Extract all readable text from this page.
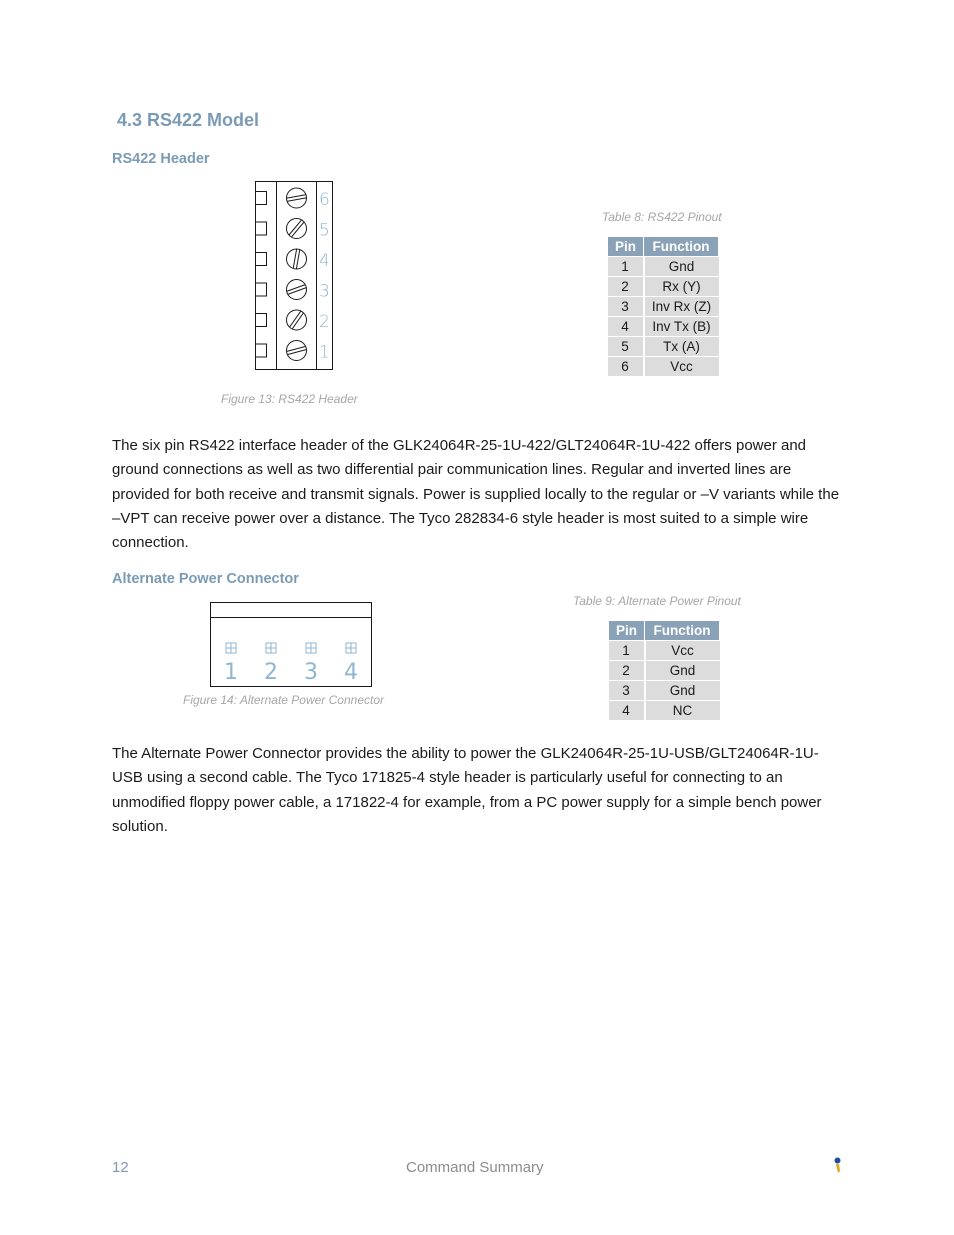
4.3 RS422 Model
RS422 Header
6
5
4
3
2
1
Figure 13: RS422 Header
Table 8: RS422 Pinout
Pin	Function
1	Gnd
2	Rx (Y)
3	Inv Rx (Z)
4	Inv Tx (B)
5	Tx (A)
6	Vcc

The six pin RS422 interface header of the GLK24064R-25-1U-422/GLT24064R-1U-422 offers power and ground connections as well as two differential pair communication lines. Regular and inverted lines are provided for both receive and transmit signals. Power is supplied locally to the regular or –V variants while the –VPT can receive power over a distance. The Tyco 282834-6 style header is most suited to a simple wire connection.

Alternate Power Connector
1 2 3 4
Figure 14: Alternate Power Connector
Table 9: Alternate Power Pinout
Pin	Function
1	Vcc
2	Gnd
3	Gnd
4	NC

The Alternate Power Connector provides the ability to power the GLK24064R-25-1U-USB/GLT24064R-1U-USB using a second cable. The Tyco 171825-4 style header is particularly useful for connecting to an unmodified floppy power cable, a 171822-4 for example, from a PC power supply for a simple bench power solution.

12	Command Summary
